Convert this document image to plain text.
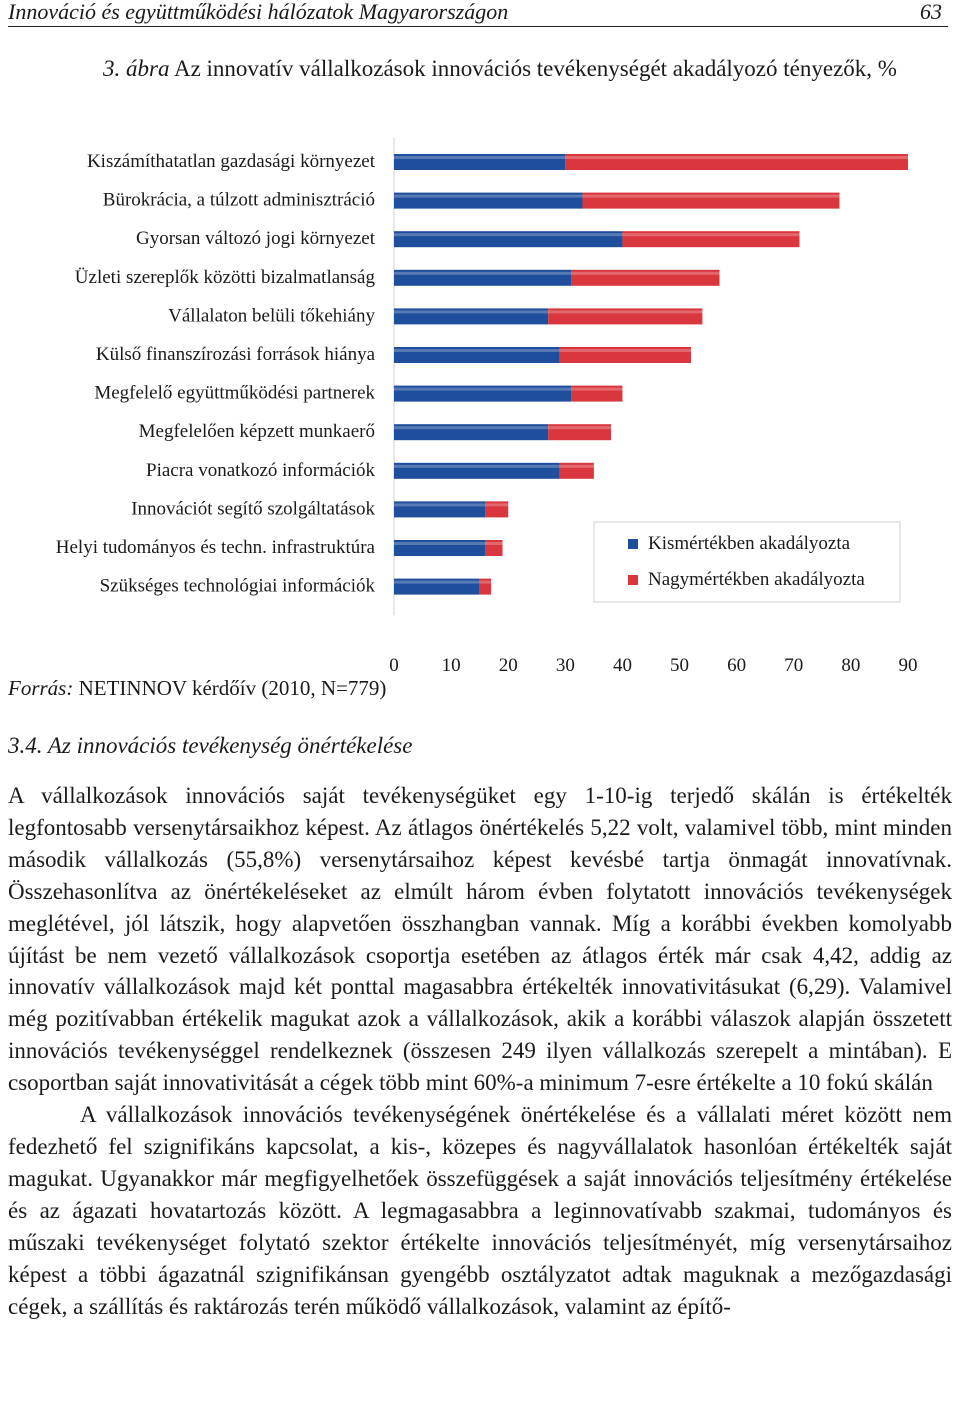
Innováció és együttműködési hálózatok Magyarországon	63
3. ábra Az innovatív vállalkozások innovációs tevékenységét akadályozó tényezők, %
Kiszámíthatatlan gazdasági környezet
Bürokrácia, a túlzott adminisztráció
Gyorsan változó jogi környezet
Üzleti szereplők közötti bizalmatlanság
Vállalaton belüli tőkehiány
Külső finanszírozási források hiánya
Megfelelő együttműködési partnerek
Megfelelően képzett munkaerő
Piacra vonatkozó információk
Innovációt segítő szolgáltatások
Helyi tudományos és techn. infrastruktúra
Szükséges technológiai információk
0 10 20 30 40 50 60 70 80 90
Kismértékben akadályozta
Nagymértékben akadályozta
Forrás: NETINNOV kérdőív (2010, N=779)
3.4. Az innovációs tevékenység önértékelése

A vállalkozások innovációs saját tevékenységüket egy 1-10-ig terjedő skálán is értékelték legfontosabb versenytársaikhoz képest. Az átlagos önértékelés 5,22 volt, valamivel több, mint minden második vállalkozás (55,8%) versenytársaihoz képest kevésbé tartja önmagát innovatívnak. Összehasonlítva az önértékeléseket az elmúlt három évben folytatott innovációs tevékenységek meglétével, jól látszik, hogy alapvetően összhangban vannak. Míg a korábbi években komolyabb újítást be nem vezető vállalkozások csoportja esetében az átlagos érték már csak 4,42, addig az innovatív vállalkozások majd két ponttal magasabbra értékelték innovativitásukat (6,29). Valamivel még pozitívabban értékelik magukat azok a vállalkozások, akik a korábbi válaszok alapján összetett innovációs tevékenységgel rendelkeznek (összesen 249 ilyen vállalkozás szerepelt a mintában). E csoportban saját innovativitását a cégek több mint 60%-a minimum 7-esre értékelte a 10 fokú skálán

A vállalkozások innovációs tevékenységének önértékelése és a vállalati méret között nem fedezhető fel szignifikáns kapcsolat, a kis-, közepes és nagyvállalatok hasonlóan értékelték saját magukat. Ugyanakkor már megfigyelhetőek összefüggések a saját innovációs teljesítmény értékelése és az ágazati hovatartozás között. A legmagasabbra a leginnovatívabb szakmai, tudományos és műszaki tevékenységet folytató szektor értékelte innovációs teljesítményét, míg versenytársaihoz képest a többi ágazatnál szignifikánsan gyengébb osztályzatot adtak maguknak a mezőgazdasági cégek, a szállítás és raktározás terén működő vállalkozások, valamint az építő-
